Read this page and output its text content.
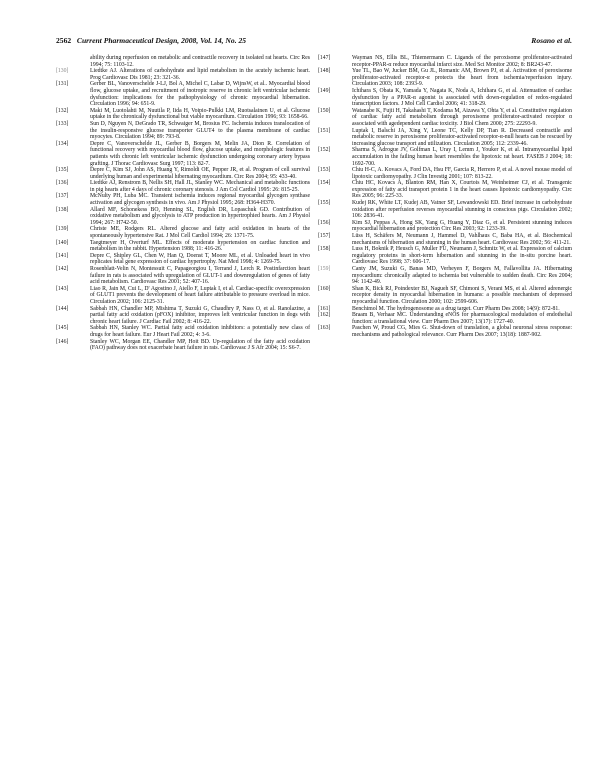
2562 Current Pharmaceutical Design, 2008, Vol. 14, No. 25	Rosano et al.
ability during reperfusion on metabolic and contractile recovery in isolated rat hearts. Circ Res 1994; 75: 1103-12.
[130]	Liedtke AJ. Alterations of carbohydrate and lipid metabolism in the acutely ischemic heart. Prog Cardiovasc Dis 1981; 23: 321-36.
[131]	Gerber BL, Vanoverschelde J-LJ, Bol A, Michel C, Labar D, WijnsW, et al.. Myocardial blood flow, glucose uptake, and recruitment of inotropic reserve in chronic left ventricular ischemic dysfunction: implications for the pathophysiology of chronic myocardial hibernation. Circulation 1996; 94: 651-9.
[132]	Maki M, Luotolahti M, Nuutila P, Iida H, Voipio-Pulkki LM, Ruotsalainen U, et al. Glucose uptake in the chronically dysfunctional but viable myocardium. Circulation 1996; 93: 1658-66.
[133]	Sun D, Nguyen N, DeGrado TR, Schwaiger M, Brosius FC. Ischemia induces translocation of the insulin-responsive glucose transporter GLUT4 to the plasma membrane of cardiac myocytes. Circulation 1994; 89: 793-8.
[134]	Depre C, Vanoverschelde JL, Gerber B, Borgers M, Melin JA, Dion R. Correlation of functional recovery with myocardial blood flow, glucose uptake, and morphologic features in patients with chronic left ventricular ischemic dysfunction undergoing coronary artery bypass grafting. J Thorac Cardiovasc Surg 1997; 113: 82-7.
[135]	Depre C, Kim SJ, John AS, Huang Y, Rimoldi OE, Pepper JR, et al. Program of cell survival underlying human and experimental hibernating myocardium. Circ Res 2004; 95: 433-40.
[136]	Liedtke AJ, Renstrom B, Nellis SH, Hall JL, Stanley WC. Mechanical and metabolic functions in pig hearts after 4 days of chronic coronary stenosis. J Am Col Cardiol 1995: 26: 815-25.
[137]	McNulty PH, Luba MC. Transient ischemia induces regional myocardial glycogen synthase activation and glycogen synthesis in vivo. Am J Physiol 1995; 268: H364-H370.
[138]	Allard MF, Schonekess BO, Henning SL, English DR, Lopaschuk GD. Contribution of oxidative metabolism and glycolysis to ATP production in hypertrophied hearts. Am J Physiol 1994; 267: H742-50.
[139]	Christe ME, Rodgers RL. Altered glucose and fatty acid oxidation in hearts of the spontaneously hypertensive Rat. J Mol Cell Cardiol 1994; 26: 1371-75.
[140]	Taegtmeyer H, Overturf ML. Effects of moderate hypertension on cardiac function and metabolism in the rabbit. Hypertension 1988; 11: 416-26.
[141]	Depre C, Shipley GL, Chen W, Han Q, Doenst T, Moore ML, et al. Unloaded heart in vivo replicates fetal gene expression of cardiac hypertrophy. Nat Med 1998; 4: 1269-75.
[142]	Rosenblatt-Velin N, Montessuit C, Papageorgiou I, Terrand J, Lerch R. Postinfarction heart failure in rats is associated with upregulation of GLUT-1 and downregulation of genes of fatty acid metabolism. Cardiovasc Res 2001; 52: 407-16.
[143]	Liao R, Jain M, Cui L, D' Agostino J, Aiello F, Luptak I, et al. Cardiac-specific overexpression of GLUT1 prevents the development of heart failure attributable to pressure overload in mice. Circulation 2002; 106: 2125-31.
[144]	Sabbah HN, Chandler MP, Mishima T, Suzuki G, Chaudhry P, Nass O, et al. Ranolazine, a partial fatty acid oxidation (pFOX) inhibitor, improves left ventricular function in dogs with chronic heart failure. J Cardiac Fail 2002; 8: 416-22.
[145]	Sabbah HN, Stanley WC. Partial fatty acid oxidation inhibitors: a potentially new class of drugs for heart failure. Eur J Heart Fail 2002; 4: 3-6.
[146]	Stanley WC, Morgan EE, Chandler MP, Hoit BD. Up-regulation of the fatty acid oxidation (FAO) pathway does not exacerbate heart failure in rats. Cardiovasc J S Afr 2004; 15: S6-7.
[147]	Wayman NS, Ellis BL, Thiemermann C. Ligands of the peroxisome proliferator-activated receptor-PPAR-α reduce myocardial infarct size. Med Sci Monitor 2002; 8: BR243-47.
[148]	Yue TL, Bao W, Jucker BM, Gu JL, Romanic AM, Brown PJ, et al. Activation of peroxisome proliferator-activated receptor-α protects the heart from ischemia/reperfusion injury. Circulation 2003; 108: 2393-9.
[149]	Ichihara S, Obata K, Yamada Y, Nagata K, Noda A, Ichihara G, et al. Attenuation of cardiac dysfunction by a PPAR-α agonist is associated with down-regulation of redox-regulated transcription factors. J Mol Cell Cardiol 2006; 41: 318-29.
[150]	Watanabe K, Fujii H, Takahashi T, Kodama M, Aizawa Y, Ohta Y, et al. Constitutive regulation of cardiac fatty acid metabolism through peroxisome proliferator-activated receptor α associated with agedependent cardiac toxicity. J Biol Chem 2000; 275: 22293-9.
[151]	Luptak I, Balschi JA, Xing Y, Leone TC, Kelly DP, Tian R. Decreased contractile and metabolic reserve in peroxisome proliferator-activated receptor-α-null hearts can be rescued by increasing glucose transport and utilization. Circulation 2005; 112: 2339-46.
[152]	Sharma S, Adrogue JV, Golfman L, Uray I, Lemm J, Youker K, et al. Intramyocardial lipid accumulation in the failing human heart resembles the lipotoxic rat heart. FASEB J 2004; 18: 1692-700.
[153]	Chiu H-C, A. Kovacs A, Ford DA, Hsu FF, Garcia R, Herrero P, et al. A novel mouse model of lipotoxic cardiomyopathy. J Clin Investig 2001; 107: 813-22.
[154]	Chiu HC, Kovacs A, Blanton RM, Han X, Courtois M, Weinheimer CJ, et al. Transgenic expression of fatty acid transport protein 1 in the heart causes lipotoxic cardiomyopathy. Circ Res 2005; 96: 225-33.
[155]	Kudej RK, White LT, Kudej AB, Vatner SF, Lewandowski ED. Brief increase in carbohydrate oxidation after reperfusion reverses myocardial stunning in conscious pigs. Circulation 2002; 106: 2836-41.
[156]	Kim SJ, Peppas A, Hong SK, Yang G, Huang Y, Diaz G, et al. Persistent stunning induces myocardial hibernation and protection Circ Res 2003; 92: 1233-39.
[157]	Lüss H, Schäfers M, Neumann J, Hammel D, Vahlhaus C, Baba HA, et al. Biochemical mechanisms of hibernation and stunning in the human heart. Cardiovasc Res 2002; 56: 411-21.
[158]	Luss H, Boknik P, Heusch G, Muller FU, Neumann J, Schmitz W, et al. Expression of calcium regulatory proteins in short-term hibernation and stunning in the in-situ porcine heart. Cardiovasc Res 1998; 37: 606-17.
[159]	Canty JM, Suzuki G, Banas MD, Verheyen F, Borgers M, Fallavollita JA. Hibernating myocardium: chronically adapted to ischemia but vulnerable to sudden death. Circ Res 2004; 94: 1142-49.
[160]	Shan K, Bick RJ, Poindexter BJ, Nagueh SF, Chimoni S, Verani MS, et al. Altered adrenergic receptor density in myocardial hibernation in humans: a possible mechanism of depressed myocardial function. Circulation 2000; 102: 2599-606.
[161]	Benchimol M. The hydrogenosome as a drug target. Curr Pharm Des 2008; 14(9): 872-81.
[162]	Braam B, Verhaar MC. Understanding eNOS for pharmacological modulation of endothelial function: a translational view. Curr Pharm Des 2007; 13(17): 1727-40.
[163]	Paschen W, Proud CG, Mies G. Shut-down of translation, a global neuronal stress response: mechanisms and pathological relevance. Curr Pharm Des 2007; 13(18): 1887-902.
